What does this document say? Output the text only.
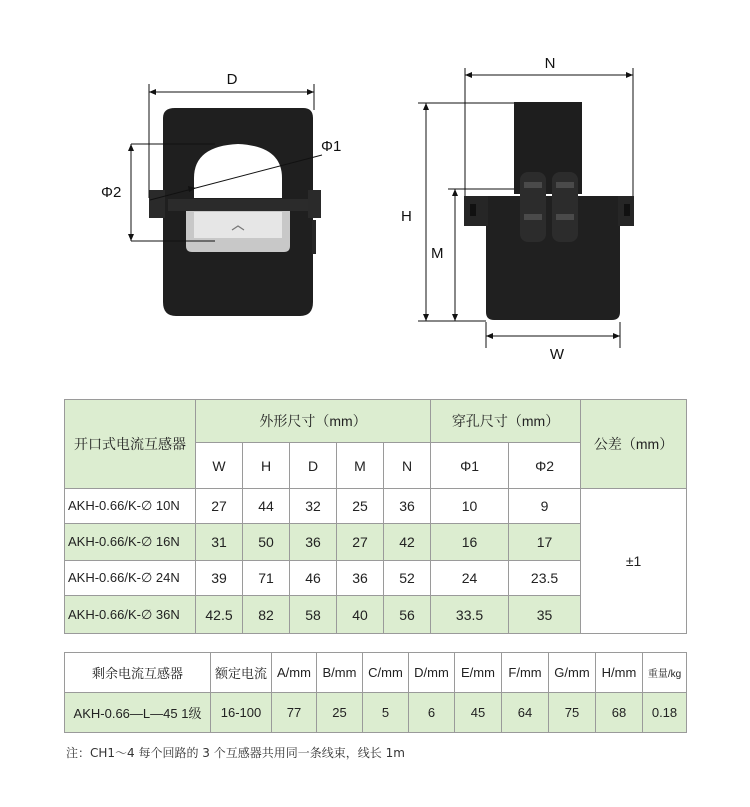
D
Φ2
Φ1
N
H
M
W
开口式电流互感器	外形尺寸（mm）					穿孔尺寸（mm）		公差（mm）
	W	H	D	M	N	Φ1	Φ2	
AKH-0.66/K-∅ 10N	27	44	32	25	36	10	9	±1
AKH-0.66/K-∅ 16N	31	50	36	27	42	16	17	
AKH-0.66/K-∅ 24N	39	71	46	36	52	24	23.5	
AKH-0.66/K-∅ 36N	42.5	82	58	40	56	33.5	35	
剩余电流互感器	额定电流	A/mm	B/mm	C/mm	D/mm	E/mm	F/mm	G/mm	H/mm	重量/kg
AKH-0.66—L—45 1级	16-100	77	25	5	6	45	64	75	68	0.18
注：CH1～4 每个回路的 3 个互感器共用同一条线束，线长 1m
